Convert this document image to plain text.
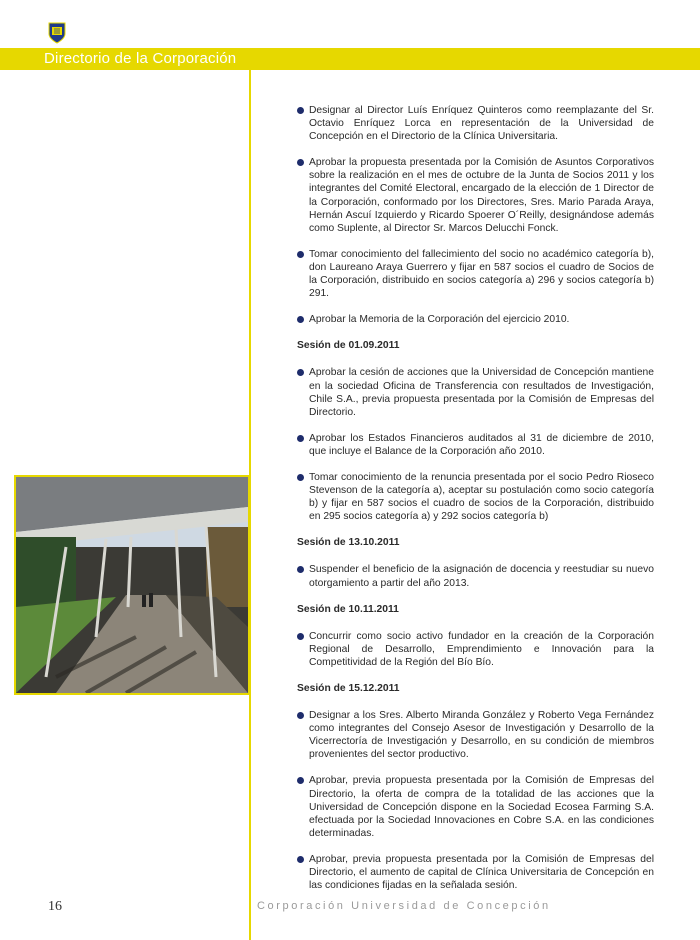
Directorio de la Corporación
Designar al Director Luís Enríquez Quinteros como reemplazante del Sr. Octavio Enríquez Lorca en representación de la Universidad de Concepción en el Directorio de la Clínica Universitaria.
Aprobar la propuesta presentada por la Comisión de Asuntos Corporativos sobre la realización en el mes de octubre de la Junta de Socios 2011 y los integrantes del Comité Electoral, encargado de la elección de 1 Director de la Corporación, conformado por los Directores, Sres. Mario Parada Araya, Hernán Ascuí Izquierdo y Ricardo Spoerer O´Reilly, designándose además como Suplente, al Director Sr. Marcos Delucchi Fonck.
Tomar conocimiento del fallecimiento del socio no académico categoría b), don Laureano Araya Guerrero y fijar en 587 socios el cuadro de Socios de la Corporación, distribuido en socios categoría a) 296 y socios categoría b) 291.
Aprobar la Memoria de la Corporación del ejercicio 2010.
Sesión de 01.09.2011
Aprobar la cesión de acciones que la Universidad de Concepción mantiene en la sociedad Oficina de Transferencia con resultados de Investigación, Chile S.A., previa propuesta presentada por la Comisión de Empresas del Directorio.
Aprobar los Estados Financieros auditados al 31 de diciembre de 2010, que incluye el Balance de la Corporación año 2010.
Tomar conocimiento de la renuncia presentada por el socio Pedro Rioseco Stevenson de la categoría a), aceptar su postulación como socio categoría b) y fijar en 587 socios el cuadro de socios de la Corporación, distribuido en 295 socios categoría a) y 292 socios categoría b)
Sesión de 13.10.2011
Suspender el beneficio de la asignación de docencia y reestudiar su nuevo otorgamiento a partir del año 2013.
Sesión de 10.11.2011
Concurrir como socio activo fundador en la creación de la Corporación Regional de Desarrollo, Emprendimiento e Innovación para la Competitividad de la Región del Bío Bío.
Sesión de 15.12.2011
Designar a los Sres. Alberto Miranda González y Roberto Vega Fernández como integrantes del Consejo Asesor de Investigación y Desarrollo de la Vicerrectoría de Investigación y Desarrollo, en su condición de miembros provenientes del sector productivo.
Aprobar, previa propuesta presentada por la Comisión de Empresas del Directorio, la oferta de compra de la totalidad de las acciones que la Universidad de Concepción dispone en la Sociedad Ecosea Farming S.A. efectuada por la Sociedad Innovaciones en Cobre S.A. en las condiciones determinadas.
Aprobar, previa propuesta presentada por la Comisión de Empresas del Directorio, el aumento de capital de Clínica Universitaria de Concepción en las condiciones fijadas en la señalada sesión.
16	Corporación Universidad de Concepción
